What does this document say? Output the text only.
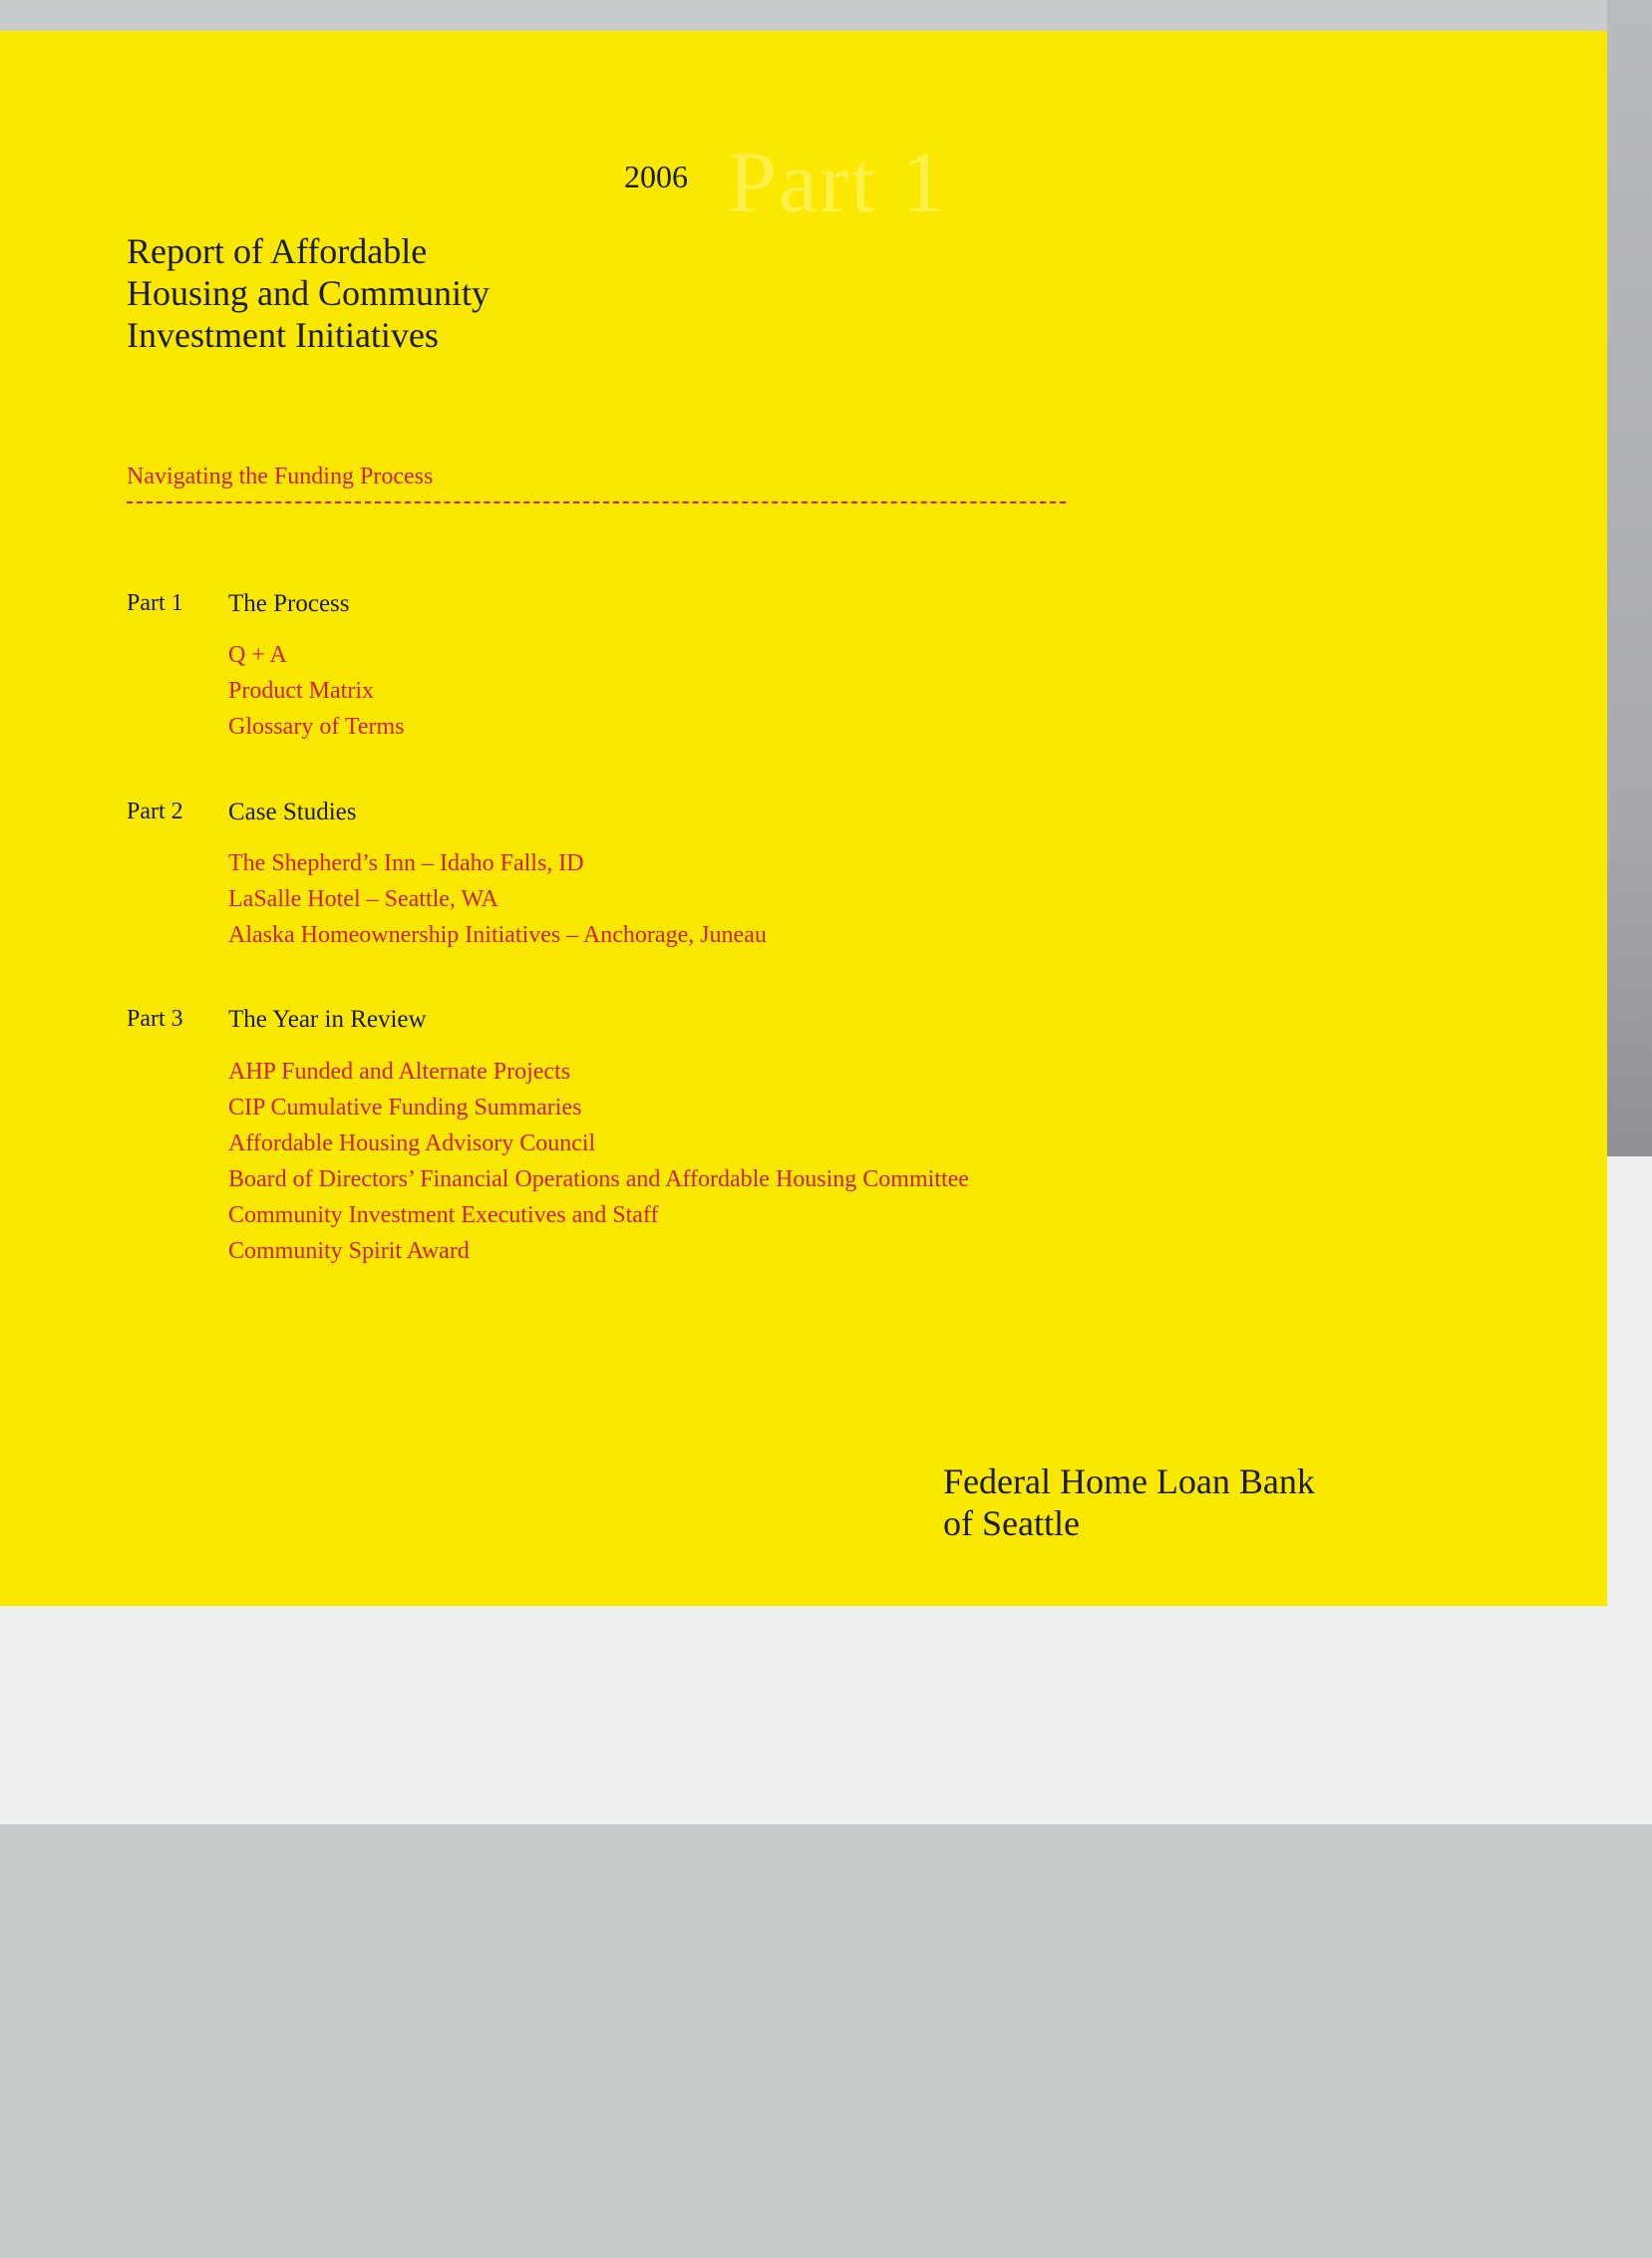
Part 1
2006
Report of Affordable
Housing and Community
Investment Initiatives
Navigating the Funding Process
Part 1 The Process
Q + A
Product Matrix
Glossary of Terms
Part 2 Case Studies
The Shepherd’s Inn – Idaho Falls, ID
LaSalle Hotel – Seattle, WA
Alaska Homeownership Initiatives – Anchorage, Juneau
Part 3 The Year in Review
AHP Funded and Alternate Projects
CIP Cumulative Funding Summaries
Affordable Housing Advisory Council
Board of Directors’ Financial Operations and Affordable Housing Committee
Community Investment Executives and Staff
Community Spirit Award
Federal Home Loan Bank
of Seattle
